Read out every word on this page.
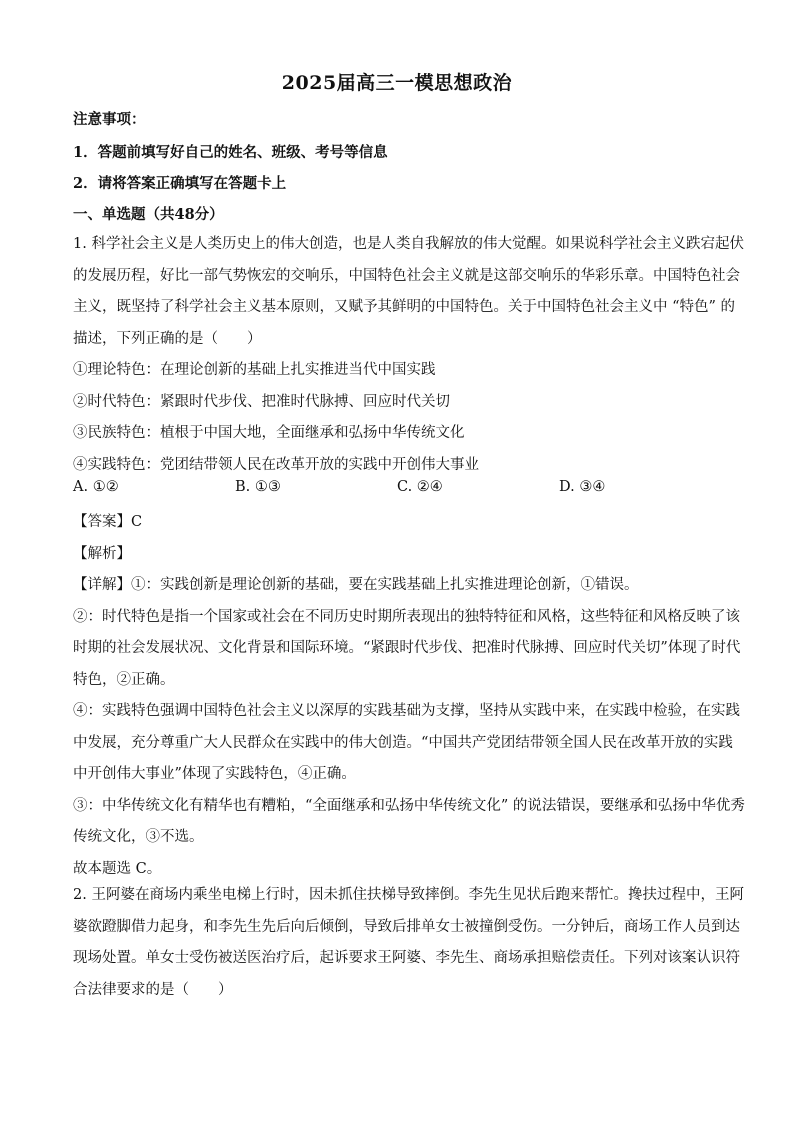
2025届高三一模思想政治
注意事项：
1．答题前填写好自己的姓名、班级、考号等信息
2．请将答案正确填写在答题卡上
一、单选题（共48分）
1. 科学社会主义是人类历史上的伟大创造，也是人类自我解放的伟大觉醒。如果说科学社会主义跌宕起伏
的发展历程，好比一部气势恢宏的交响乐，中国特色社会主义就是这部交响乐的华彩乐章。中国特色社会
主义，既坚持了科学社会主义基本原则，又赋予其鲜明的中国特色。关于中国特色社会主义中 “特色” 的
描述，下列正确的是（　　）
①理论特色：在理论创新的基础上扎实推进当代中国实践
②时代特色：紧跟时代步伐、把准时代脉搏、回应时代关切
③民族特色：植根于中国大地，全面继承和弘扬中华传统文化
④实践特色：党团结带领人民在改革开放的实践中开创伟大事业
A. ①②	B. ①③	C. ②④	D. ③④
【答案】C
【解析】
【详解】①：实践创新是理论创新的基础，要在实践基础上扎实推进理论创新，①错误。
②：时代特色是指一个国家或社会在不同历史时期所表现出的独特特征和风格，这些特征和风格反映了该
时期的社会发展状况、文化背景和国际环境。“紧跟时代步伐、把准时代脉搏、回应时代关切”体现了时代
特色，②正确。
④：实践特色强调中国特色社会主义以深厚的实践基础为支撑，坚持从实践中来，在实践中检验，在实践
中发展，充分尊重广大人民群众在实践中的伟大创造。“中国共产党团结带领全国人民在改革开放的实践
中开创伟大事业”体现了实践特色，④正确。
③：中华传统文化有精华也有糟粕，“全面继承和弘扬中华传统文化” 的说法错误，要继承和弘扬中华优秀
传统文化，③不选。
故本题选 C。
2. 王阿婆在商场内乘坐电梯上行时，因未抓住扶梯导致摔倒。李先生见状后跑来帮忙。搀扶过程中，王阿
婆欲蹬脚借力起身，和李先生先后向后倾倒，导致后排单女士被撞倒受伤。一分钟后，商场工作人员到达
现场处置。单女士受伤被送医治疗后，起诉要求王阿婆、李先生、商场承担赔偿责任。下列对该案认识符
合法律要求的是（　　）
